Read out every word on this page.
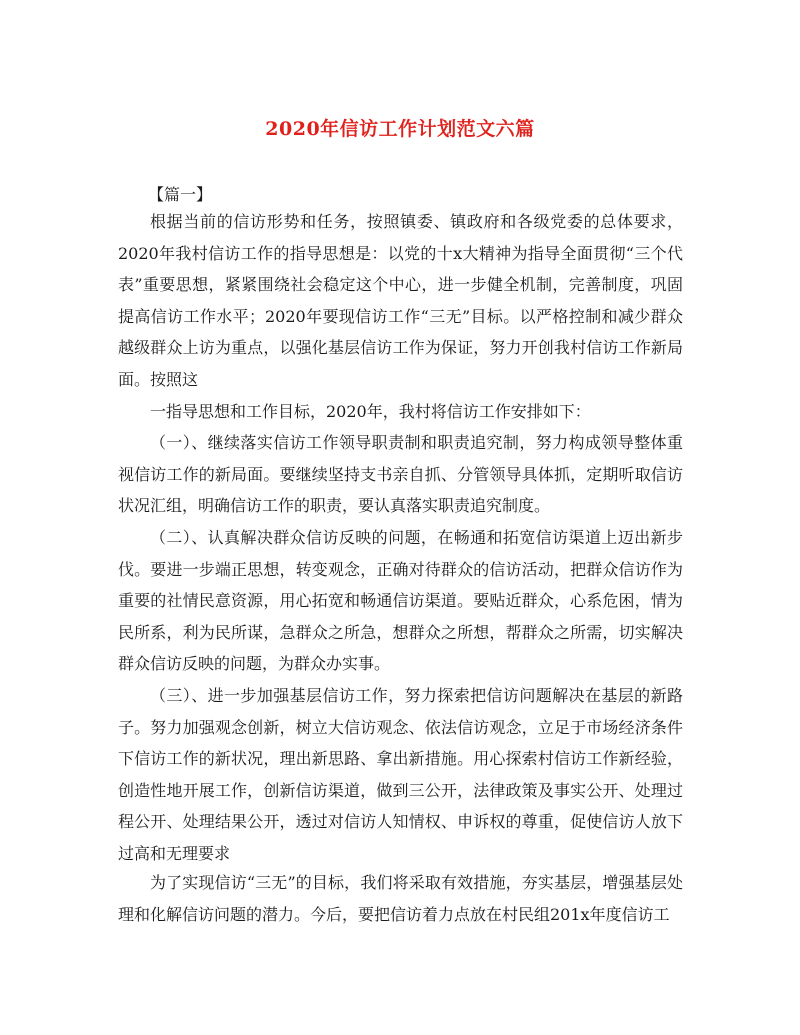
2020年信访工作计划范文六篇
【篇一】

根据当前的信访形势和任务，按照镇委、镇政府和各级党委的总体要求，2020年我村信访工作的指导思想是：以党的十x大精神为指导全面贯彻“三个代表”重要思想，紧紧围绕社会稳定这个中心，进一步健全机制，完善制度，巩固提高信访工作水平；2020年要现信访工作“三无”目标。以严格控制和减少群众越级群众上访为重点，以强化基层信访工作为保证，努力开创我村信访工作新局面。按照这

一指导思想和工作目标，2020年，我村将信访工作安排如下：

（一）、继续落实信访工作领导职责制和职责追究制，努力构成领导整体重视信访工作的新局面。要继续坚持支书亲自抓、分管领导具体抓，定期听取信访状况汇组，明确信访工作的职责，要认真落实职责追究制度。

（二）、认真解决群众信访反映的问题，在畅通和拓宽信访渠道上迈出新步伐。要进一步端正思想，转变观念，正确对待群众的信访活动，把群众信访作为重要的社情民意资源，用心拓宽和畅通信访渠道。要贴近群众，心系危困，情为民所系，利为民所谋，急群众之所急，想群众之所想，帮群众之所需，切实解决群众信访反映的问题，为群众办实事。

（三）、进一步加强基层信访工作，努力探索把信访问题解决在基层的新路子。努力加强观念创新，树立大信访观念、依法信访观念，立足于市场经济条件下信访工作的新状况，理出新思路、拿出新措施。用心探索村信访工作新经验，创造性地开展工作，创新信访渠道，做到三公开，法律政策及事实公开、处理过程公开、处理结果公开，透过对信访人知情权、申诉权的尊重，促使信访人放下过高和无理要求

为了实现信访“三无”的目标，我们将采取有效措施，夯实基层，增强基层处理和化解信访问题的潜力。今后，要把信访着力点放在村民组201x年度信访工
